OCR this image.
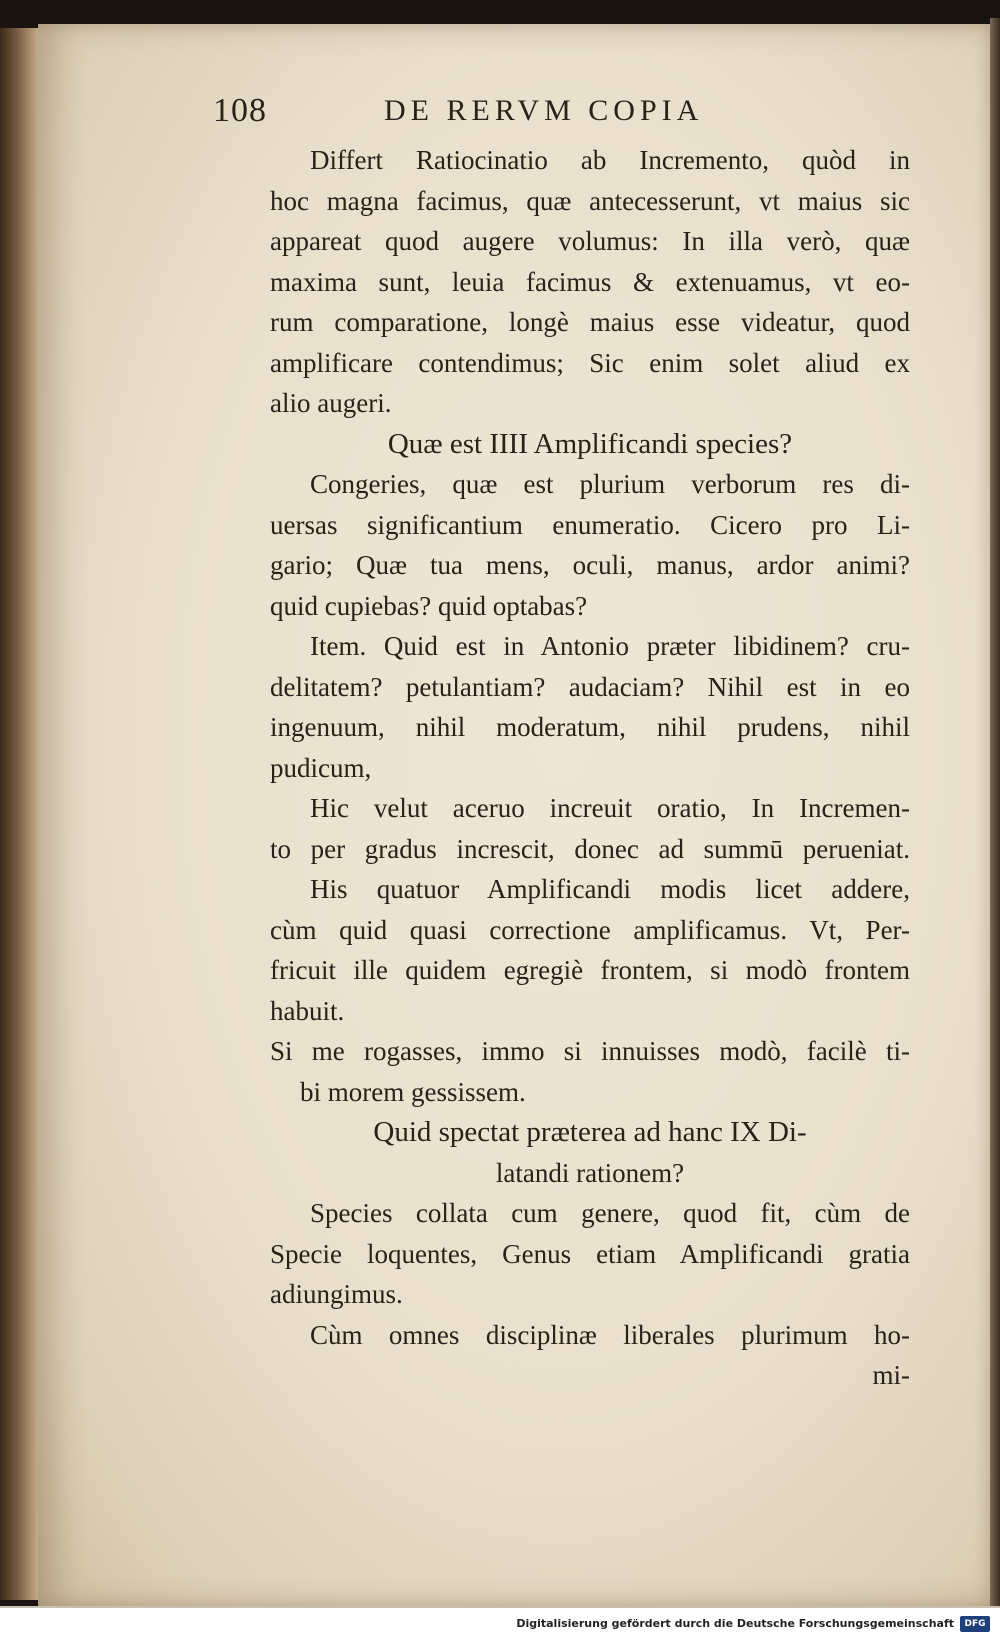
108	DE RERVM COPIA
Differt Ratiocinatio ab Incremento, quòd in
hoc magna facimus, quæ antecesserunt, vt maius sic
appareat quod augere volumus: In illa verò, quæ
maxima sunt, leuia facimus & extenuamus, vt eo-
rum comparatione, longè maius esse videatur, quod
amplificare contendimus; Sic enim solet aliud ex
alio augeri.
Quæ est IIII Amplificandi species?
Congeries, quæ est plurium verborum res di-
uersas significantium enumeratio. Cicero pro Li-
gario; Quæ tua mens, oculi, manus, ardor animi?
quid cupiebas? quid optabas?
Item. Quid est in Antonio præter libidinem? cru-
delitatem? petulantiam? audaciam? Nihil est in eo
ingenuum, nihil moderatum, nihil prudens, nihil
pudicum,
Hic velut aceruo increuit oratio, In Incremen-
to per gradus increscit, donec ad summū perueniat.
His quatuor Amplificandi modis licet addere,
cùm quid quasi correctione amplificamus. Vt, Per-
fricuit ille quidem egregiè frontem, si modò frontem
habuit.
Si me rogasses, immo si innuisses modò, facilè ti-
bi morem gessissem.
Quid spectat præterea ad hanc IX Di-
latandi rationem?
Species collata cum genere, quod fit, cùm de
Specie loquentes, Genus etiam Amplificandi gratia
adiungimus.
Cùm omnes disciplinæ liberales plurimum ho-
mi-
Digitalisierung gefördert durch die Deutsche Forschungsgemeinschaft	DFG
